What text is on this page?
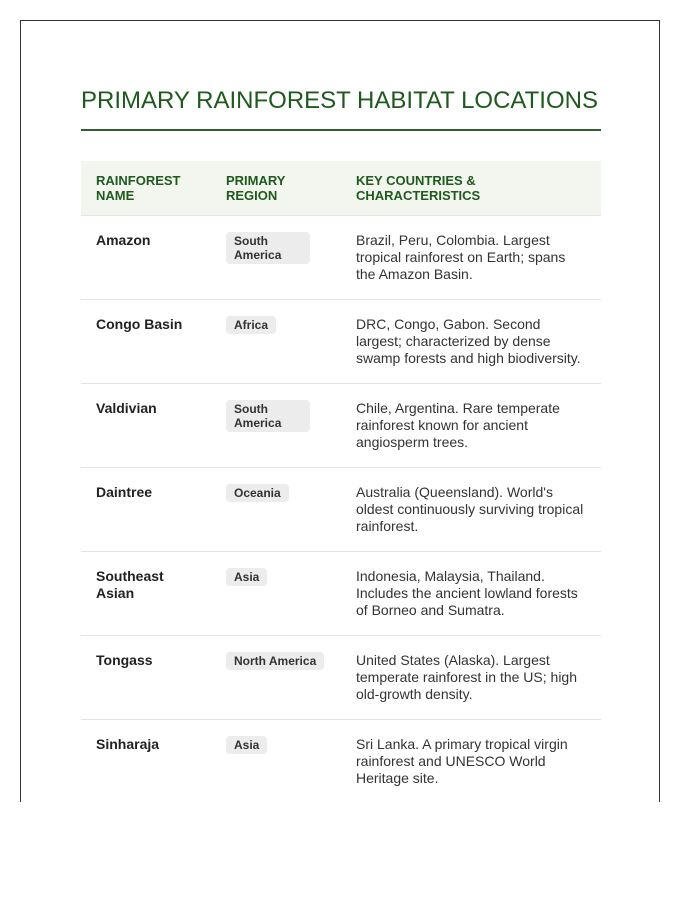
PRIMARY RAINFOREST HABITAT LOCATIONS
RAINFOREST NAME	PRIMARY REGION	KEY COUNTRIES & CHARACTERISTICS
Amazon	South America	Brazil, Peru, Colombia. Largest tropical rainforest on Earth; spans the Amazon Basin.
Congo Basin	Africa	DRC, Congo, Gabon. Second largest; characterized by dense swamp forests and high biodiversity.
Valdivian	South America	Chile, Argentina. Rare temperate rainforest known for ancient angiosperm trees.
Daintree	Oceania	Australia (Queensland). World's oldest continuously surviving tropical rainforest.
Southeast Asian	Asia	Indonesia, Malaysia, Thailand. Includes the ancient lowland forests of Borneo and Sumatra.
Tongass	North America	United States (Alaska). Largest temperate rainforest in the US; high old-growth density.
Sinharaja	Asia	Sri Lanka. A primary tropical virgin rainforest and UNESCO World Heritage site.
